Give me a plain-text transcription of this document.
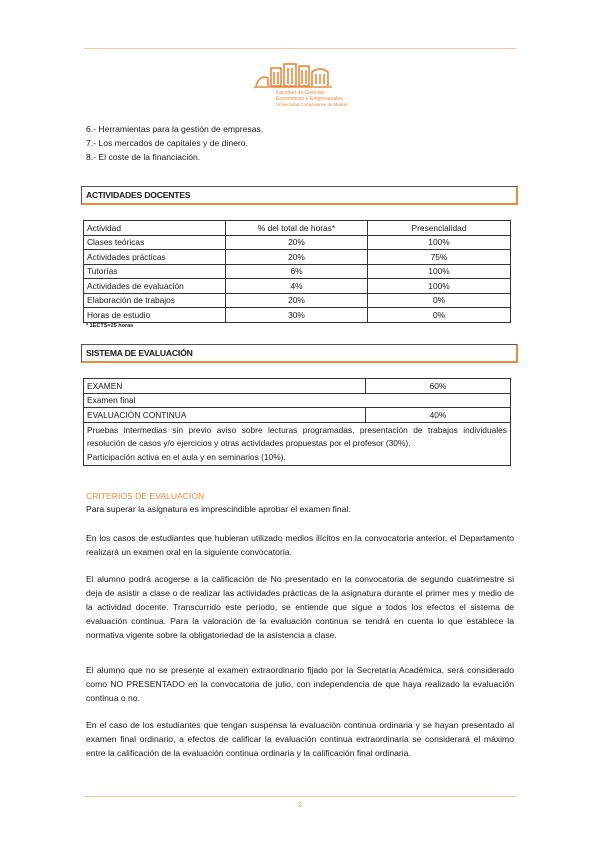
Facultad de Ciencias
Económicas y Empresariales
Universidad Complutense de Madrid
6.- Herramientas para la gestión de empresas.
7.- Los mercados de capitales y de dinero.
8.- El coste de la financiación.
ACTIVIDADES DOCENTES
Actividad	% del total de horas*	Presencialidad
Clases teóricas	20%	100%
Actividades prácticas	20%	75%
Tutorías	6%	100%
Actividades de evaluación	4%	100%
Elaboración de trabajos	20%	0%
Horas de estudio	30%	0%
* 1ECTS=25 horas
SISTEMA DE EVALUACIÓN
EXAMEN	60%
Examen final	
EVALUACIÓN CONTINUA	40%

Pruebas intermedias sin previo aviso sobre lecturas programadas, presentación de trabajos individuales resolución de casos y/o ejercicios y otras actividades propuestas por el profesor (30%).
Participación activa en el aula y en seminarios (10%).	
CRITERIOS DE EVALUACIÓN
Para superar la asignatura es imprescindible aprobar el examen final.
En los casos de estudiantes que hubieran utilizado medios ilícitos en la convocatoria anterior, el Departamento realizará un examen oral en la siguiente convocatoria.
El alumno podrá acogerse a la calificación de No presentado en la convocatoria de segundo cuatrimestre si deja de asistir a clase o de realizar las actividades prácticas de la asignatura durante el primer mes y medio de la actividad docente. Transcurrido este periodo, se entiende que sigue a todos los efectos el sistema de evaluación continua. Para la valoración de la evaluación continua se tendrá en cuenta lo que establece la normativa vigente sobre la obligatoriedad de la asistencia a clase.
El alumno que no se presente al examen extraordinario fijado por la Secretaría Académica, será considerado como NO PRESENTADO en la convocatoria de julio, con independencia de que haya realizado la evaluación continua o no.
En el caso de los estudiantes que tengan suspensa la evaluación continua ordinaria y se hayan presentado al examen final ordinario, a efectos de calificar la evaluación continua extraordinaria se considerará el máximo entre la calificación de la evaluación continua ordinaria y la calificación final ordinaria.
2
